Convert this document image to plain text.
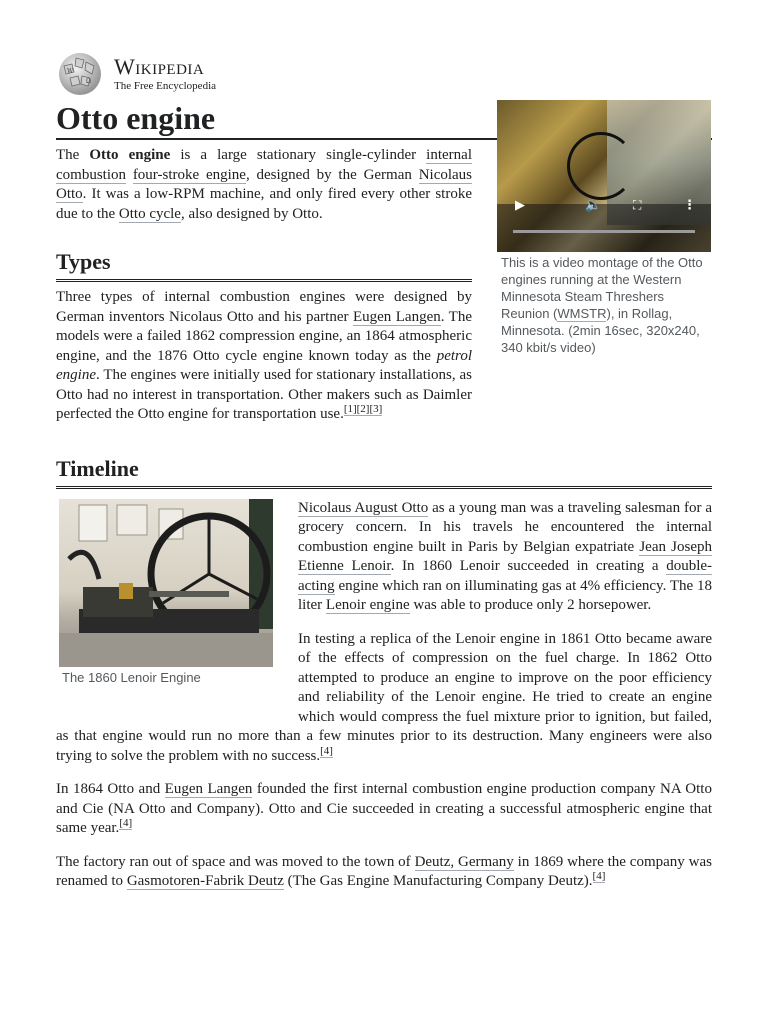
W
Ω
Wikipedia
The Free Encyclopedia
Otto engine

The Otto engine is a large stationary single-cylinder internal combustion four-stroke engine, designed by the German Nicolaus Otto. It was a low-RPM machine, and only fired every other stroke due to the Otto cycle, also designed by Otto.

Types

Three types of internal combustion engines were designed by German inventors Nicolaus Otto and his partner Eugen Langen. The models were a failed 1862 compression engine, an 1864 atmospheric engine, and the 1876 Otto cycle engine known today as the petrol engine. The engines were initially used for stationary installations, as Otto had no interest in transportation. Other makers such as Daimler perfected the Otto engine for transportation use.[1][2][3]

Timeline
The 1860 Lenoir Engine

Nicolaus August Otto as a young man was a traveling salesman for a grocery concern. In his travels he encountered the internal combustion engine built in Paris by Belgian expatriate Jean Joseph Etienne Lenoir. In 1860 Lenoir succeeded in creating a double-acting engine which ran on illuminating gas at 4% efficiency. The 18 liter Lenoir engine was able to produce only 2 horsepower.

In testing a replica of the Lenoir engine in 1861 Otto became aware of the effects of compression on the fuel charge. In 1862 Otto attempted to produce an engine to improve on the poor efficiency and reliability of the Lenoir engine. He tried to create an engine which would compress the fuel mixture prior to ignition, but failed, as that engine would run no more than a few minutes prior to its destruction. Many engineers were also trying to solve the problem with no success.[4]

In 1864 Otto and Eugen Langen founded the first internal combustion engine production company NA Otto and Cie (NA Otto and Company). Otto and Cie succeeded in creating a successful atmospheric engine that same year.[4]

The factory ran out of space and was moved to the town of Deutz, Germany in 1869 where the company was renamed to Gasmotoren-Fabrik Deutz (The Gas Engine Manufacturing Company Deutz).[4]

▶	🔈	⛶	⋮
This is a video montage of the Otto engines running at the Western Minnesota Steam Threshers Reunion (WMSTR), in Rollag, Minnesota. (2min 16sec, 320x240, 340 kbit/s video)
